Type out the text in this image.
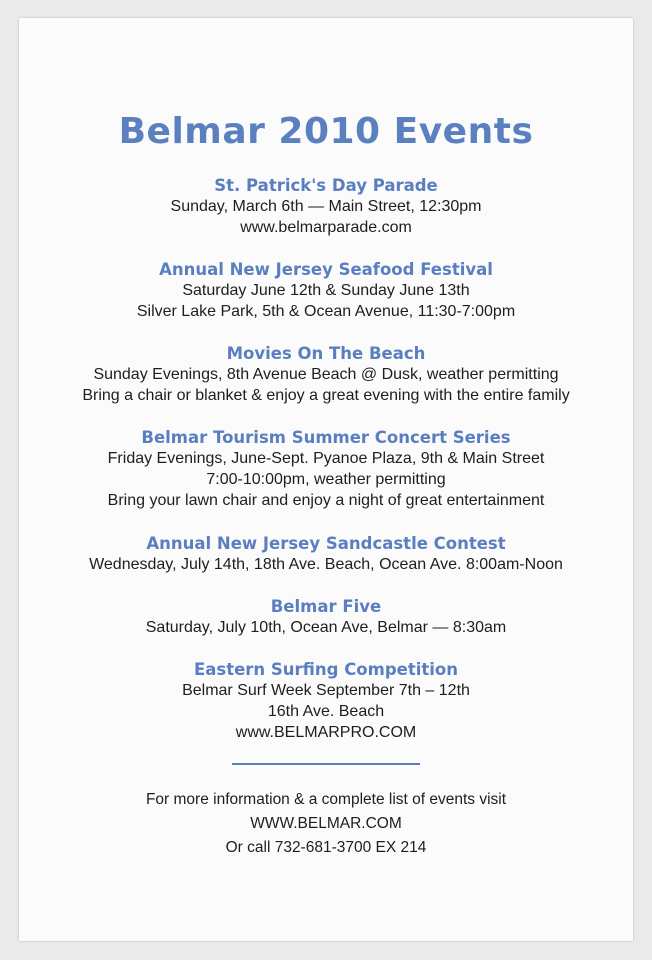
Belmar 2010 Events
St. Patrick's Day Parade
Sunday, March 6th — Main Street, 12:30pm
www.belmarparade.com
Annual New Jersey Seafood Festival
Saturday June 12th & Sunday June 13th
Silver Lake Park, 5th & Ocean Avenue, 11:30-7:00pm
Movies On The Beach
Sunday Evenings, 8th Avenue Beach @ Dusk, weather permitting
Bring a chair or blanket & enjoy a great evening with the entire family
Belmar Tourism Summer Concert Series
Friday Evenings, June-Sept. Pyanoe Plaza, 9th & Main Street
7:00-10:00pm, weather permitting
Bring your lawn chair and enjoy a night of great entertainment
Annual New Jersey Sandcastle Contest
Wednesday, July 14th, 18th Ave. Beach, Ocean Ave. 8:00am-Noon
Belmar Five
Saturday, July 10th, Ocean Ave, Belmar — 8:30am
Eastern Surfing Competition
Belmar Surf Week September 7th – 12th
16th Ave. Beach
www.BELMARPRO.COM
For more information & a complete list of events visit
WWW.BELMAR.COM
Or call 732-681-3700 EX 214
